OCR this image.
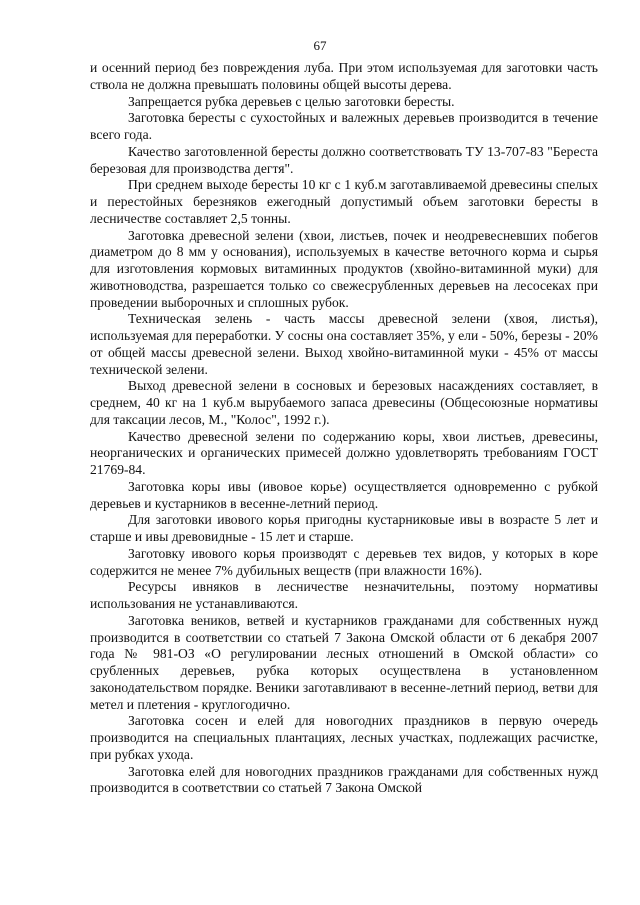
67

и осенний период без повреждения луба. При этом используемая для заготовки часть ствола не должна превышать половины общей высоты дерева.

Запрещается рубка деревьев с целью заготовки бересты.

Заготовка бересты с сухостойных и валежных деревьев производится в течение всего года.

Качество заготовленной бересты должно соответствовать ТУ 13-707-83 "Береста березовая для производства дегтя".

При среднем выходе бересты 10 кг с 1 куб.м заготавливаемой древесины спелых и перестойных березняков ежегодный допустимый объем заготовки бересты в лесничестве составляет 2,5 тонны.

Заготовка древесной зелени (хвои, листьев, почек и неодревесневших побегов диаметром до 8 мм у основания), используемых в качестве веточного корма и сырья для изготовления кормовых витаминных продуктов (хвойно-витаминной муки) для животноводства, разрешается только со свежесрубленных деревьев на лесосеках при проведении выборочных и сплошных рубок.

Техническая зелень - часть массы древесной зелени (хвоя, листья), используемая для переработки. У сосны она составляет 35%, у ели - 50%, березы - 20% от общей массы древесной зелени. Выход хвойно-витаминной муки - 45% от массы технической зелени.

Выход древесной зелени в сосновых и березовых насаждениях составляет, в среднем, 40 кг на 1 куб.м вырубаемого запаса древесины (Общесоюзные нормативы для таксации лесов, М., "Колос", 1992 г.).

Качество древесной зелени по содержанию коры, хвои листьев, древесины, неорганических и органических примесей должно удовлетворять требованиям ГОСТ 21769-84.

Заготовка коры ивы (ивовое корье) осуществляется одновременно с рубкой деревьев и кустарников в весенне-летний период.

Для заготовки ивового корья пригодны кустарниковые ивы в возрасте 5 лет и старше и ивы древовидные - 15 лет и старше.

Заготовку ивового корья производят с деревьев тех видов, у которых в коре содержится не менее 7% дубильных веществ (при влажности 16%).

Ресурсы ивняков в лесничестве незначительны, поэтому нормативы использования не устанавливаются.

Заготовка веников, ветвей и кустарников гражданами для собственных нужд производится в соответствии со статьей 7 Закона Омской области от 6 декабря 2007 года № 981-ОЗ «О регулировании лесных отношений в Омской области» со срубленных деревьев, рубка которых осуществлена в установленном законодательством порядке. Веники заготавливают в весенне-летний период, ветви для метел и плетения - круглогодично.

Заготовка сосен и елей для новогодних праздников в первую очередь производится на специальных плантациях, лесных участках, подлежащих расчистке, при рубках ухода.

Заготовка елей для новогодних праздников гражданами для собственных нужд производится в соответствии со статьей 7 Закона Омской
